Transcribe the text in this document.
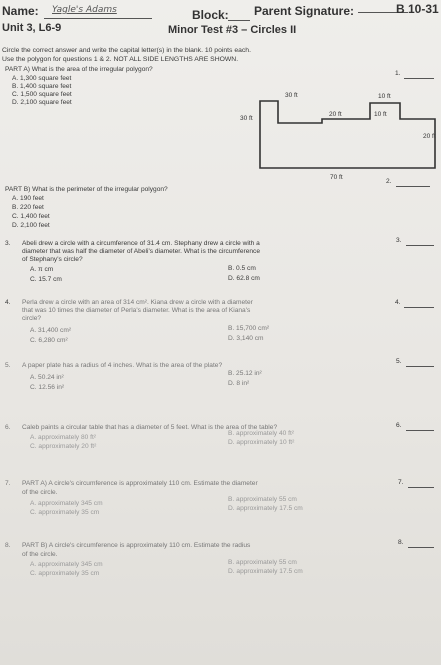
Name: Yagle's Adams	Block: Parent Signature:	B 10-31
Unit 3, L6-9	Minor Test #3 – Circles II
Circle the correct answer and write the capital letter(s) in the blank. 10 points each.
Use the polygon for questions 1 & 2. NOT ALL SIDE LENGTHS ARE SHOWN.
PART A) What is the area of the irregular polygon?
A. 1,300 square feet
B. 1,400 square feet
C. 1,500 square feet
D. 2,100 square feet
1.
30 ft	10 ft
20 ft	10 ft
30 ft
20 ft
70 ft
PART B) What is the perimeter of the irregular polygon?
A. 190 feet
B. 220 feet
C. 1,400 feet
D. 2,100 feet
2.
3. Abeli drew a circle with a circumference of 31.4 cm. Stephany drew a circle with a
diameter that was half the diameter of Abeli's diameter. What is the circumference
of Stephany's circle?
A. π cm	B. 0.5 cm
C. 15.7 cm	D. 62.8 cm
3.
4. Perla drew a circle with an area of 314 cm². Kiana drew a circle with a diameter
that was 10 times the diameter of Perla's diameter. What is the area of Kiana's
circle?
A. 31,400 cm²	B. 15,700 cm²
C. 6,280 cm²	D. 3,140 cm
4.
5. A paper plate has a radius of 4 inches. What is the area of the plate?
A. 50.24 in²
B. 25.12 in²
C. 12.56 in²
D. 8 in²
5.
6. Caleb paints a circular table that has a diameter of 5 feet. What is the area of the table?
A. approximately 80 ft²
B. approximately 40 ft²
C. approximately 20 ft²
D. approximately 10 ft²
6.
7. PART A) A circle's circumference is approximately 110 cm. Estimate the diameter
of the circle.
A. approximately 345 cm
B. approximately 55 cm
C. approximately 35 cm
D. approximately 17.5 cm
7.
8. PART B) A circle's circumference is approximately 110 cm. Estimate the radius
of the circle.
A. approximately 345 cm	B. approximately 55 cm
C. approximately 35 cm	D. approximately 17.5 cm
8.
